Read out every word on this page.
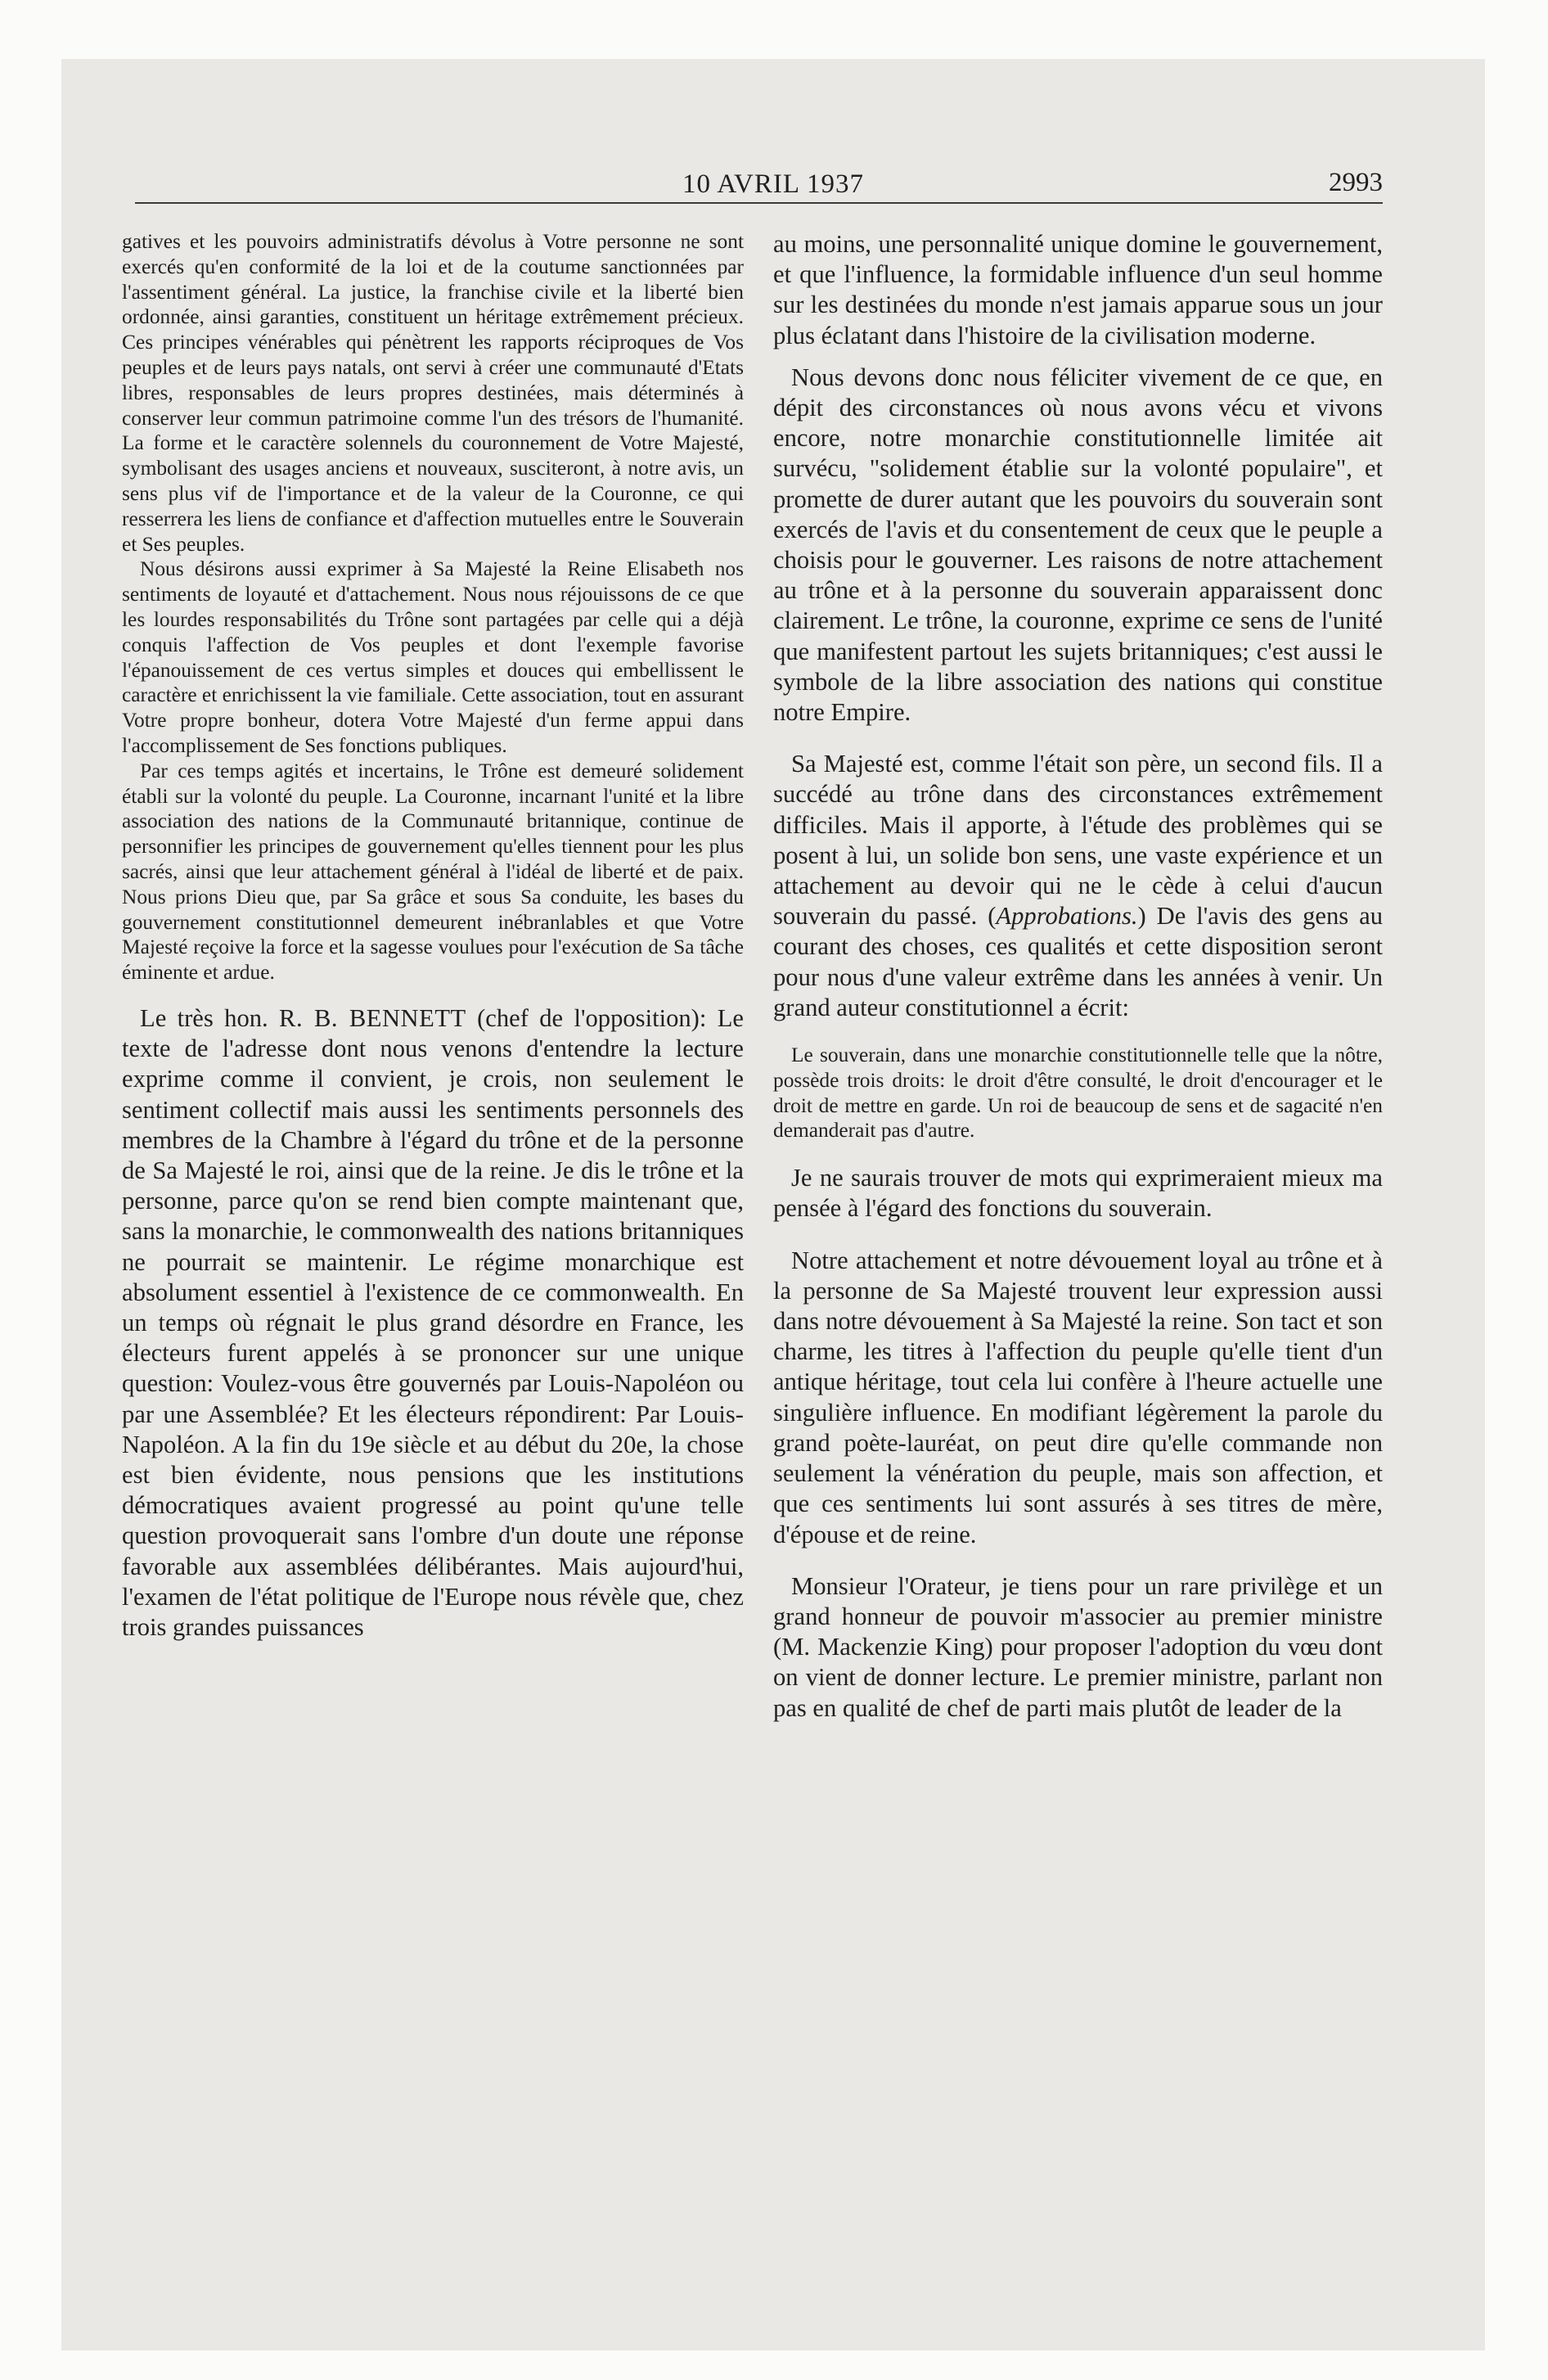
10 AVRIL 1937	2993

gatives et les pouvoirs administratifs dévolus à Votre personne ne sont exercés qu'en conformité de la loi et de la coutume sanctionnées par l'assentiment général. La justice, la franchise civile et la liberté bien ordonnée, ainsi garanties, constituent un héritage extrêmement précieux. Ces principes vénérables qui pénètrent les rapports réciproques de Vos peuples et de leurs pays natals, ont servi à créer une communauté d'Etats libres, responsables de leurs propres destinées, mais déterminés à conserver leur commun patrimoine comme l'un des trésors de l'humanité. La forme et le caractère solennels du couronnement de Votre Majesté, symbolisant des usages anciens et nouveaux, susciteront, à notre avis, un sens plus vif de l'importance et de la valeur de la Couronne, ce qui resserrera les liens de confiance et d'affection mutuelles entre le Souverain et Ses peuples.

Nous désirons aussi exprimer à Sa Majesté la Reine Elisabeth nos sentiments de loyauté et d'attachement. Nous nous réjouissons de ce que les lourdes responsabilités du Trône sont partagées par celle qui a déjà conquis l'affection de Vos peuples et dont l'exemple favorise l'épanouissement de ces vertus simples et douces qui embellissent le caractère et enrichissent la vie familiale. Cette association, tout en assurant Votre propre bonheur, dotera Votre Majesté d'un ferme appui dans l'accomplissement de Ses fonctions publiques.

Par ces temps agités et incertains, le Trône est demeuré solidement établi sur la volonté du peuple. La Couronne, incarnant l'unité et la libre association des nations de la Communauté britannique, continue de personnifier les principes de gouvernement qu'elles tiennent pour les plus sacrés, ainsi que leur attachement général à l'idéal de liberté et de paix. Nous prions Dieu que, par Sa grâce et sous Sa conduite, les bases du gouvernement constitutionnel demeurent inébranlables et que Votre Majesté reçoive la force et la sagesse voulues pour l'exécution de Sa tâche éminente et ardue.

Le très hon. R. B. BENNETT (chef de l'opposition): Le texte de l'adresse dont nous venons d'entendre la lecture exprime comme il convient, je crois, non seulement le sentiment collectif mais aussi les sentiments personnels des membres de la Chambre à l'égard du trône et de la personne de Sa Majesté le roi, ainsi que de la reine. Je dis le trône et la personne, parce qu'on se rend bien compte maintenant que, sans la monarchie, le commonwealth des nations britanniques ne pourrait se maintenir. Le régime monarchique est absolument essentiel à l'existence de ce commonwealth. En un temps où régnait le plus grand désordre en France, les électeurs furent appelés à se prononcer sur une unique question: Voulez-vous être gouvernés par Louis-Napoléon ou par une Assemblée? Et les électeurs répondirent: Par Louis-Napoléon. A la fin du 19e siècle et au début du 20e, la chose est bien évidente, nous pensions que les institutions démocratiques avaient progressé au point qu'une telle question provoquerait sans l'ombre d'un doute une réponse favorable aux assemblées délibérantes. Mais aujourd'hui, l'examen de l'état politique de l'Europe nous révèle que, chez trois grandes puissances

au moins, une personnalité unique domine le gouvernement, et que l'influence, la formidable influence d'un seul homme sur les destinées du monde n'est jamais apparue sous un jour plus éclatant dans l'histoire de la civilisation moderne.

Nous devons donc nous féliciter vivement de ce que, en dépit des circonstances où nous avons vécu et vivons encore, notre monarchie constitutionnelle limitée ait survécu, "solidement établie sur la volonté populaire", et promette de durer autant que les pouvoirs du souverain sont exercés de l'avis et du consentement de ceux que le peuple a choisis pour le gouverner. Les raisons de notre attachement au trône et à la personne du souverain apparaissent donc clairement. Le trône, la couronne, exprime ce sens de l'unité que manifestent partout les sujets britanniques; c'est aussi le symbole de la libre association des nations qui constitue notre Empire.

Sa Majesté est, comme l'était son père, un second fils. Il a succédé au trône dans des circonstances extrêmement difficiles. Mais il apporte, à l'étude des problèmes qui se posent à lui, un solide bon sens, une vaste expérience et un attachement au devoir qui ne le cède à celui d'aucun souverain du passé. (Approbations.) De l'avis des gens au courant des choses, ces qualités et cette disposition seront pour nous d'une valeur extrême dans les années à venir. Un grand auteur constitutionnel a écrit:

Le souverain, dans une monarchie constitutionnelle telle que la nôtre, possède trois droits: le droit d'être consulté, le droit d'encourager et le droit de mettre en garde. Un roi de beaucoup de sens et de sagacité n'en demanderait pas d'autre.

Je ne saurais trouver de mots qui exprimeraient mieux ma pensée à l'égard des fonctions du souverain.

Notre attachement et notre dévouement loyal au trône et à la personne de Sa Majesté trouvent leur expression aussi dans notre dévouement à Sa Majesté la reine. Son tact et son charme, les titres à l'affection du peuple qu'elle tient d'un antique héritage, tout cela lui confère à l'heure actuelle une singulière influence. En modifiant légèrement la parole du grand poète-lauréat, on peut dire qu'elle commande non seulement la vénération du peuple, mais son affection, et que ces sentiments lui sont assurés à ses titres de mère, d'épouse et de reine.

Monsieur l'Orateur, je tiens pour un rare privilège et un grand honneur de pouvoir m'associer au premier ministre (M. Mackenzie King) pour proposer l'adoption du vœu dont on vient de donner lecture. Le premier ministre, parlant non pas en qualité de chef de parti mais plutôt de leader de la
